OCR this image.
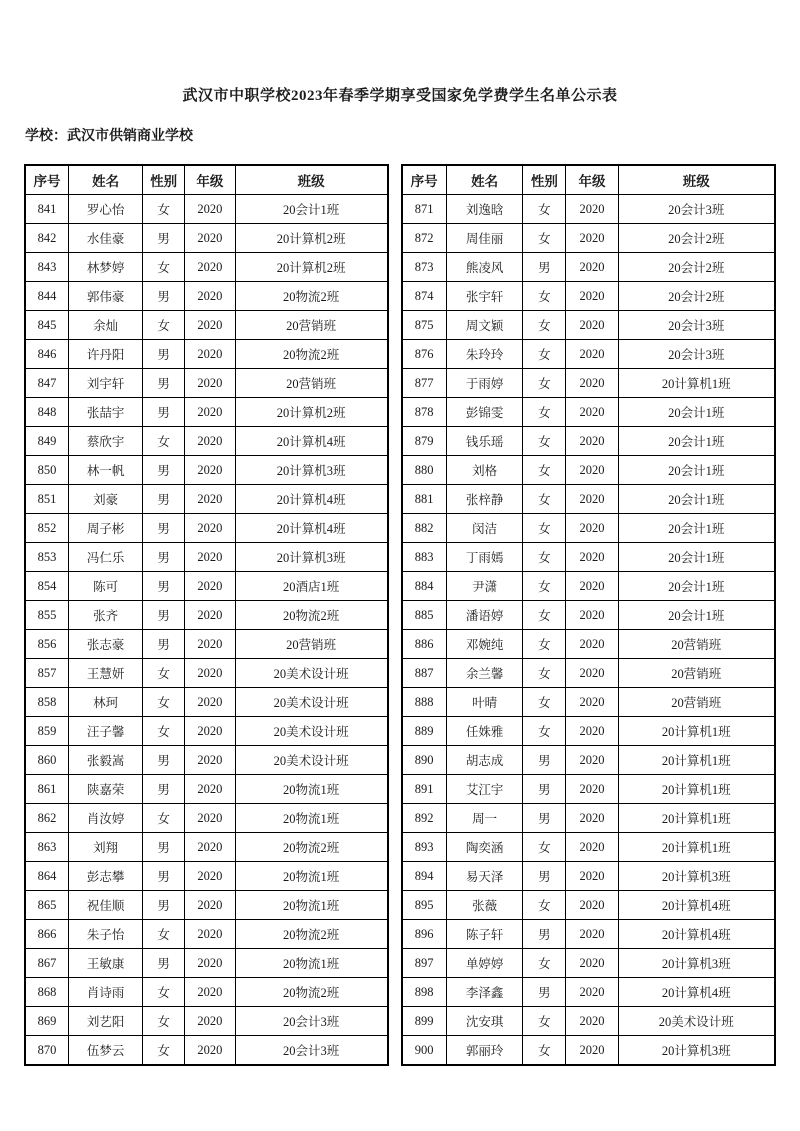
武汉市中职学校2023年春季学期享受国家免学费学生名单公示表
学校：武汉市供销商业学校
序号	姓名	性别	年级	班级
841	罗心怡	女	2020	20会计1班
842	水佳豪	男	2020	20计算机2班
843	林梦婷	女	2020	20计算机2班
844	郭伟豪	男	2020	20物流2班
845	余灿	女	2020	20营销班
846	许丹阳	男	2020	20物流2班
847	刘宇轩	男	2020	20营销班
848	张喆宇	男	2020	20计算机2班
849	蔡欣宇	女	2020	20计算机4班
850	林一帆	男	2020	20计算机3班
851	刘豪	男	2020	20计算机4班
852	周子彬	男	2020	20计算机4班
853	冯仁乐	男	2020	20计算机3班
854	陈可	男	2020	20酒店1班
855	张齐	男	2020	20物流2班
856	张志豪	男	2020	20营销班
857	王慧妍	女	2020	20美术设计班
858	林珂	女	2020	20美术设计班
859	汪子馨	女	2020	20美术设计班
860	张毅嵩	男	2020	20美术设计班
861	陕嘉荣	男	2020	20物流1班
862	肖汝婷	女	2020	20物流1班
863	刘翔	男	2020	20物流2班
864	彭志攀	男	2020	20物流1班
865	祝佳顺	男	2020	20物流1班
866	朱子怡	女	2020	20物流2班
867	王敏康	男	2020	20物流1班
868	肖诗雨	女	2020	20物流2班
869	刘艺阳	女	2020	20会计3班
870	伍梦云	女	2020	20会计3班
序号	姓名	性别	年级	班级
871	刘逸晗	女	2020	20会计3班
872	周佳丽	女	2020	20会计2班
873	熊凌风	男	2020	20会计2班
874	张宇轩	女	2020	20会计2班
875	周文颖	女	2020	20会计3班
876	朱玲玲	女	2020	20会计3班
877	于雨婷	女	2020	20计算机1班
878	彭锦雯	女	2020	20会计1班
879	钱乐瑶	女	2020	20会计1班
880	刘格	女	2020	20会计1班
881	张梓静	女	2020	20会计1班
882	闵洁	女	2020	20会计1班
883	丁雨嫣	女	2020	20会计1班
884	尹潇	女	2020	20会计1班
885	潘语婷	女	2020	20会计1班
886	邓婉纯	女	2020	20营销班
887	余兰馨	女	2020	20营销班
888	叶晴	女	2020	20营销班
889	任姝雅	女	2020	20计算机1班
890	胡志成	男	2020	20计算机1班
891	艾江宇	男	2020	20计算机1班
892	周一	男	2020	20计算机1班
893	陶奕涵	女	2020	20计算机1班
894	易天泽	男	2020	20计算机3班
895	张薇	女	2020	20计算机4班
896	陈子轩	男	2020	20计算机4班
897	单婷婷	女	2020	20计算机3班
898	李泽鑫	男	2020	20计算机4班
899	沈安琪	女	2020	20美术设计班
900	郭丽玲	女	2020	20计算机3班
